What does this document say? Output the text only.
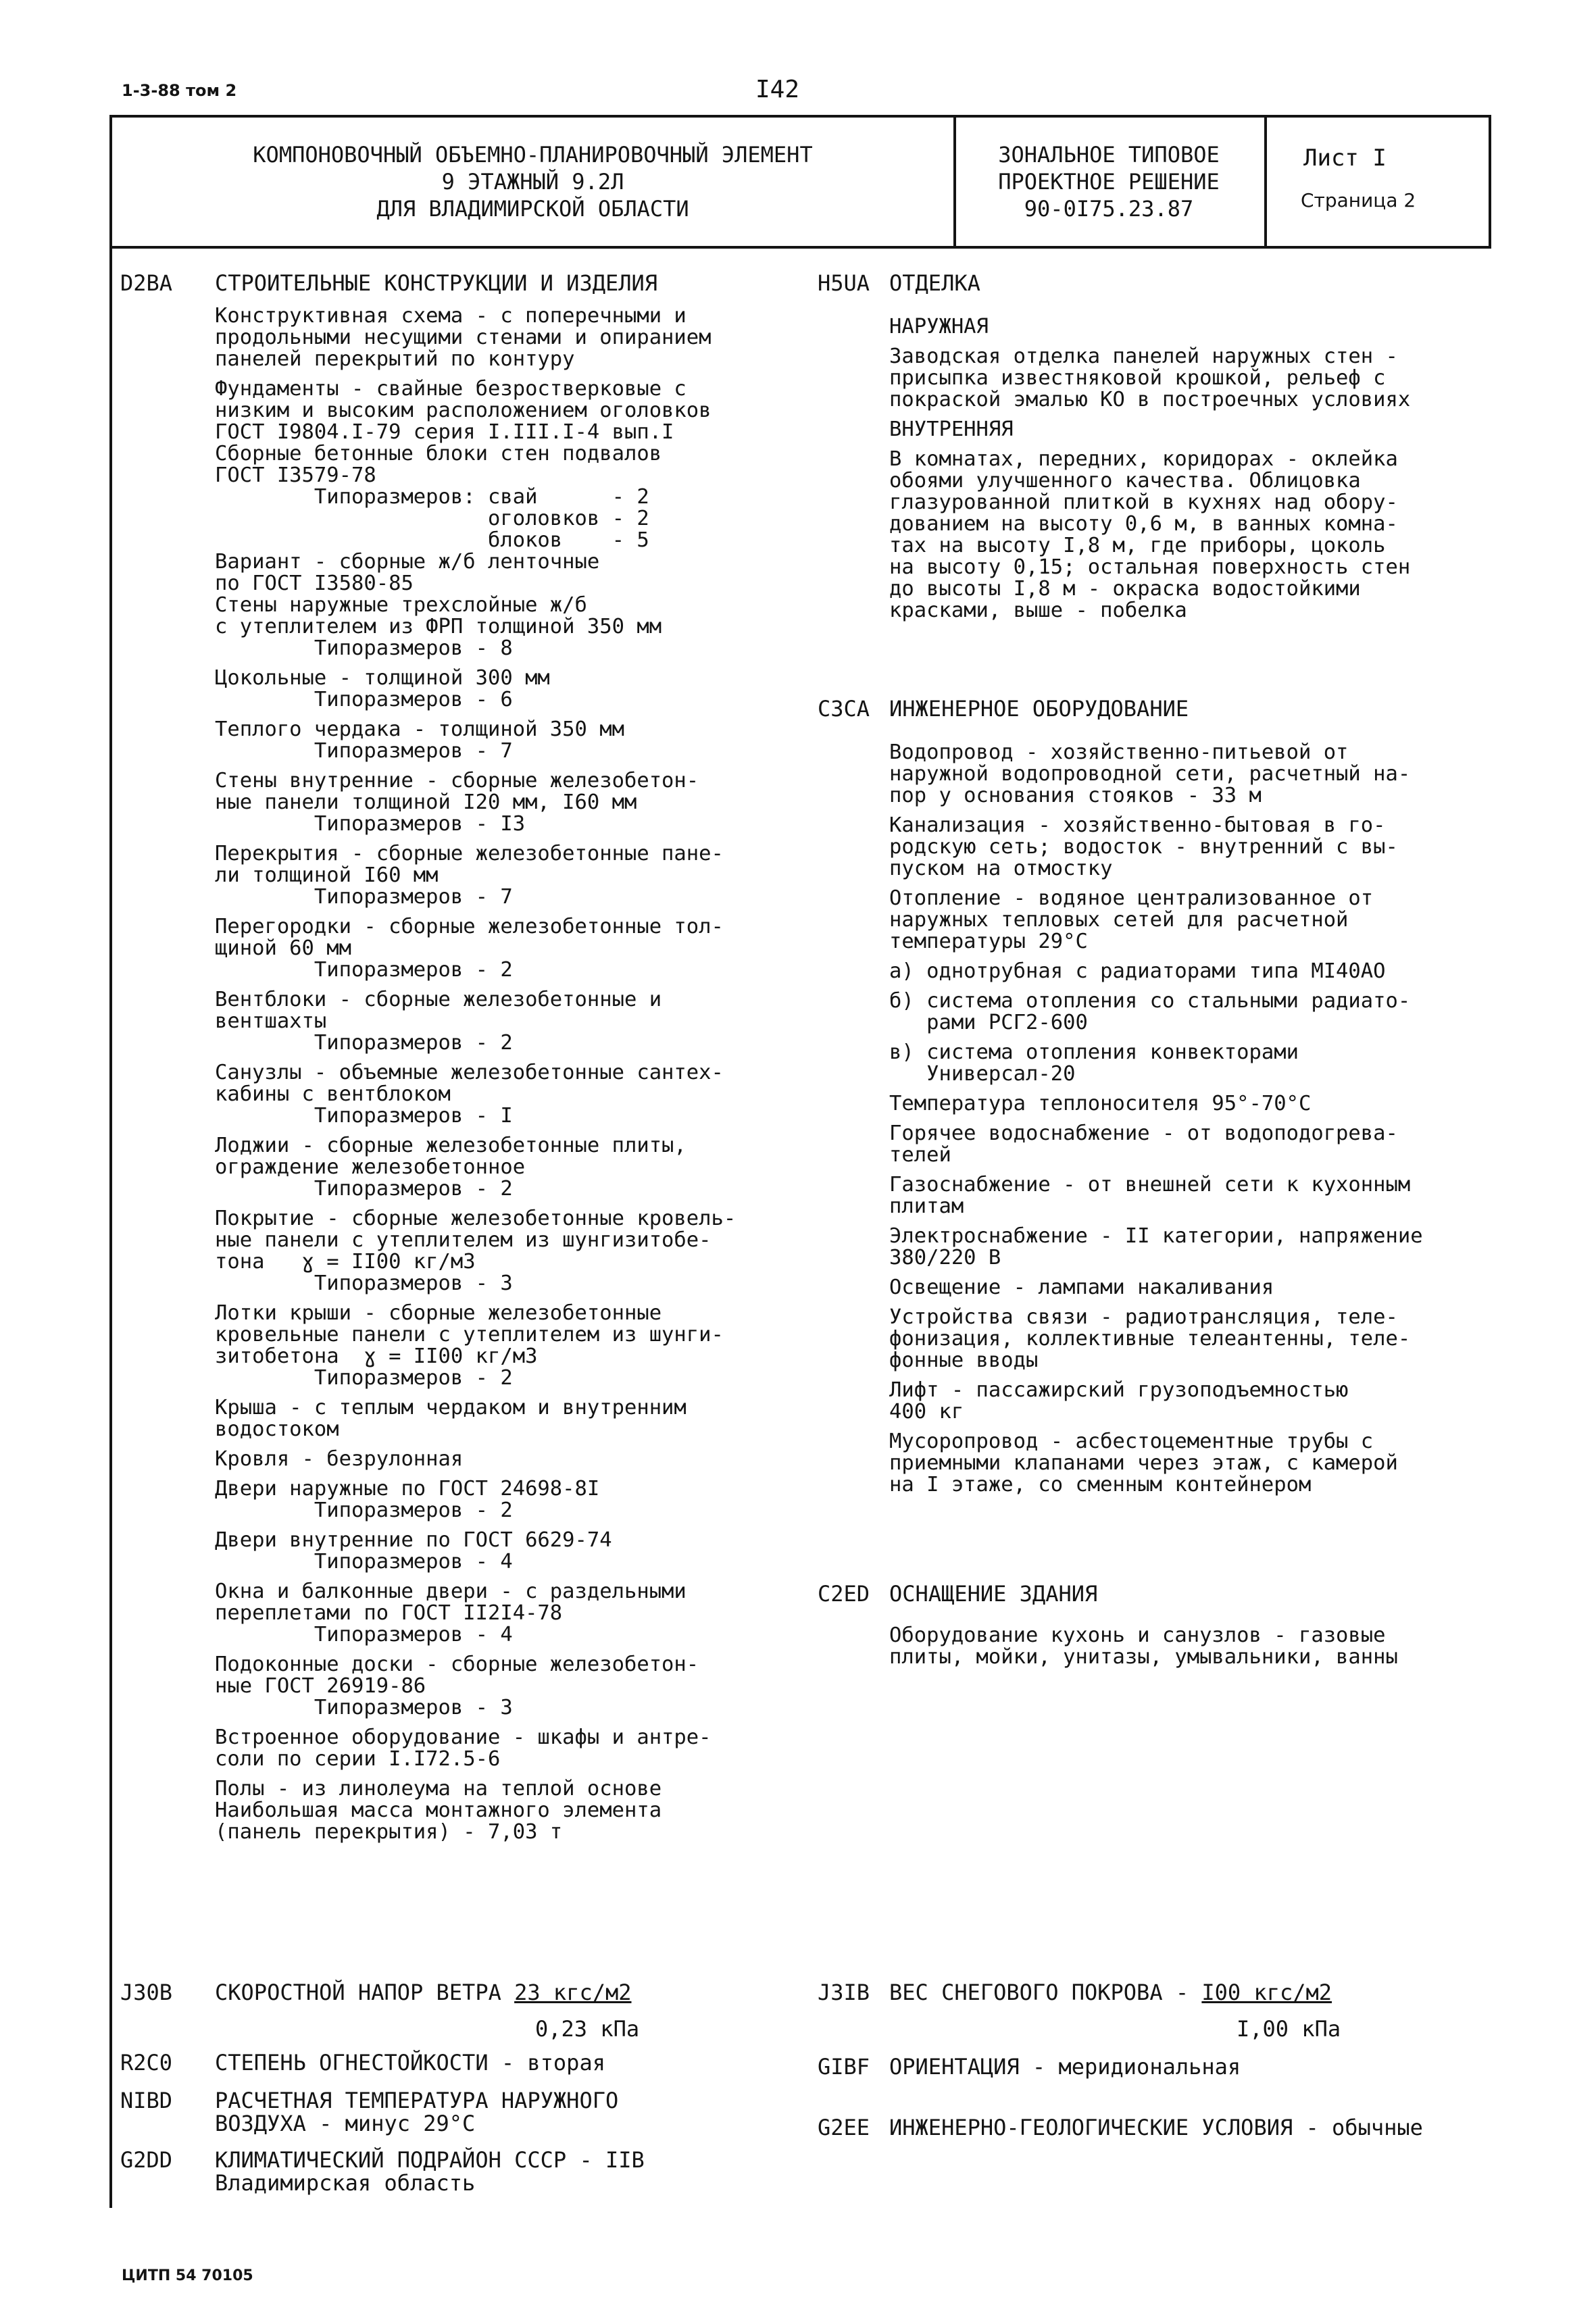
1-3-88 том 2	I42
КОМПОНОВОЧНЫЙ ОБЪЕМНО-ПЛАНИРОВОЧНЫЙ ЭЛЕМЕНТ
9 ЭТАЖНЫЙ 9.2Л
ДЛЯ ВЛАДИМИРСКОЙ ОБЛАСТИ
ЗОНАЛЬНОЕ ТИПОВОЕ
ПРОЕКТНОЕ РЕШЕНИЕ
90-0I75.23.87
Лист I
Страница 2
D2BA СТРОИТЕЛЬНЫЕ КОНСТРУКЦИИ И ИЗДЕЛИЯ

Конструктивная схема - с поперечными и

продольными несущими стенами и опиранием

панелей перекрытий по контуру

Фундаменты - свайные безростверковые с

низким и высоким расположением оголовков

ГОСТ I9804.I-79 серия I.III.I-4 вып.I

Сборные бетонные блоки стен подвалов

ГОСТ I3579-78

Типоразмеров: свай      - 2

оголовков - 2

блоков    - 5

Вариант - сборные ж/б ленточные

по ГОСТ I3580-85

Стены наружные трехслойные ж/б

с утеплителем из ФРП толщиной 350 мм

Типоразмеров - 8

Цокольные - толщиной 300 мм

Типоразмеров - 6

Теплого чердака - толщиной 350 мм

Типоразмеров - 7

Стены внутренние - сборные железобетон-

ные панели толщиной I20 мм, I60 мм

Типоразмеров - I3

Перекрытия - сборные железобетонные пане-

ли толщиной I60 мм

Типоразмеров - 7

Перегородки - сборные железобетонные тол-

щиной 60 мм

Типоразмеров - 2

Вентблоки - сборные железобетонные и

вентшахты

Типоразмеров - 2

Санузлы - объемные железобетонные сантех-

кабины с вентблоком

Типоразмеров - I

Лоджии - сборные железобетонные плиты,

ограждение железобетонное

Типоразмеров - 2

Покрытие - сборные железобетонные кровель-

ные панели с утеплителем из шунгизитобе-

тона   ɣ = II00 кг/м3

Типоразмеров - 3

Лотки крыши - сборные железобетонные

кровельные панели с утеплителем из шунги-

зитобетона  ɣ = II00 кг/м3

Типоразмеров - 2

Крыша - с теплым чердаком и внутренним

водостоком

Кровля - безрулонная

Двери наружные по ГОСТ 24698-8I

Типоразмеров - 2

Двери внутренние по ГОСТ 6629-74

Типоразмеров - 4

Окна и балконные двери - с раздельными

переплетами по ГОСТ II2I4-78

Типоразмеров - 4

Подоконные доски - сборные железобетон-

ные ГОСТ 26919-86

Типоразмеров - 3

Встроенное оборудование - шкафы и антре-

соли по серии I.I72.5-6

Полы - из линолеума на теплой основе

Наибольшая масса монтажного элемента

(панель перекрытия) - 7,03 т

H5UA ОТДЕЛКА

НАРУЖНАЯ

Заводская отделка панелей наружных стен -

присыпка известняковой крошкой, рельеф с

покраской эмалью КО в построечных условиях

ВНУТРЕННЯЯ

В комнатах, передних, коридорах - оклейка

обоями улучшенного качества. Облицовка

глазурованной плиткой в кухнях над обору-

дованием на высоту 0,6 м, в ванных комна-

тах на высоту I,8 м, где приборы, цоколь

на высоту 0,15; остальная поверхность стен

до высоты I,8 м - окраска водостойкими

красками, выше - побелка

C3CA ИНЖЕНЕРНОЕ ОБОРУДОВАНИЕ

Водопровод - хозяйственно-питьевой от

наружной водопроводной сети, расчетный на-

пор у основания стояков - 33 м

Канализация - хозяйственно-бытовая в го-

родскую сеть; водосток - внутренний с вы-

пуском на отмостку

Отопление - водяное централизованное от

наружных тепловых сетей для расчетной

температуры 29°С

а) однотрубная с радиаторами типа МI40АО

б) система отопления со стальными радиато-

рами РСГ2-600

в) система отопления конвекторами

Универсал-20

Температура теплоносителя 95°-70°С

Горячее водоснабжение - от водоподогрева-

телей

Газоснабжение - от внешней сети к кухонным

плитам

Электроснабжение - II категории, напряжение

380/220 В

Освещение - лампами накаливания

Устройства связи - радиотрансляция, теле-

фонизация, коллективные телеантенны, теле-

фонные вводы

Лифт - пассажирский грузоподъемностью

400 кг

Мусоропровод - асбестоцементные трубы с

приемными клапанами через этаж, с камерой

на I этаже, со сменным контейнером

C2ED ОСНАЩЕНИЕ ЗДАНИЯ

Оборудование кухонь и санузлов - газовые

плиты, мойки, унитазы, умывальники, ванны

J30B СКОРОСТНОЙ НАПОР ВЕТРА 23 кгс/м2
0,23 кПа
R2C0 СТЕПЕНЬ ОГНЕСТОЙКОСТИ - вторая
NIBD РАСЧЕТНАЯ ТЕМПЕРАТУРА НАРУЖНОГО
ВОЗДУХА - минус 29°С
G2DD КЛИМАТИЧЕСКИЙ ПОДРАЙОН СССР - IIВ
Владимирская область
J3IB ВЕС СНЕГОВОГО ПОКРОВА - I00 кгс/м2
I,00 кПа
GIBF ОРИЕНТАЦИЯ - меридиональная
G2EE ИНЖЕНЕРНО-ГЕОЛОГИЧЕСКИЕ УСЛОВИЯ - обычные
ЦИТП 54 70105
